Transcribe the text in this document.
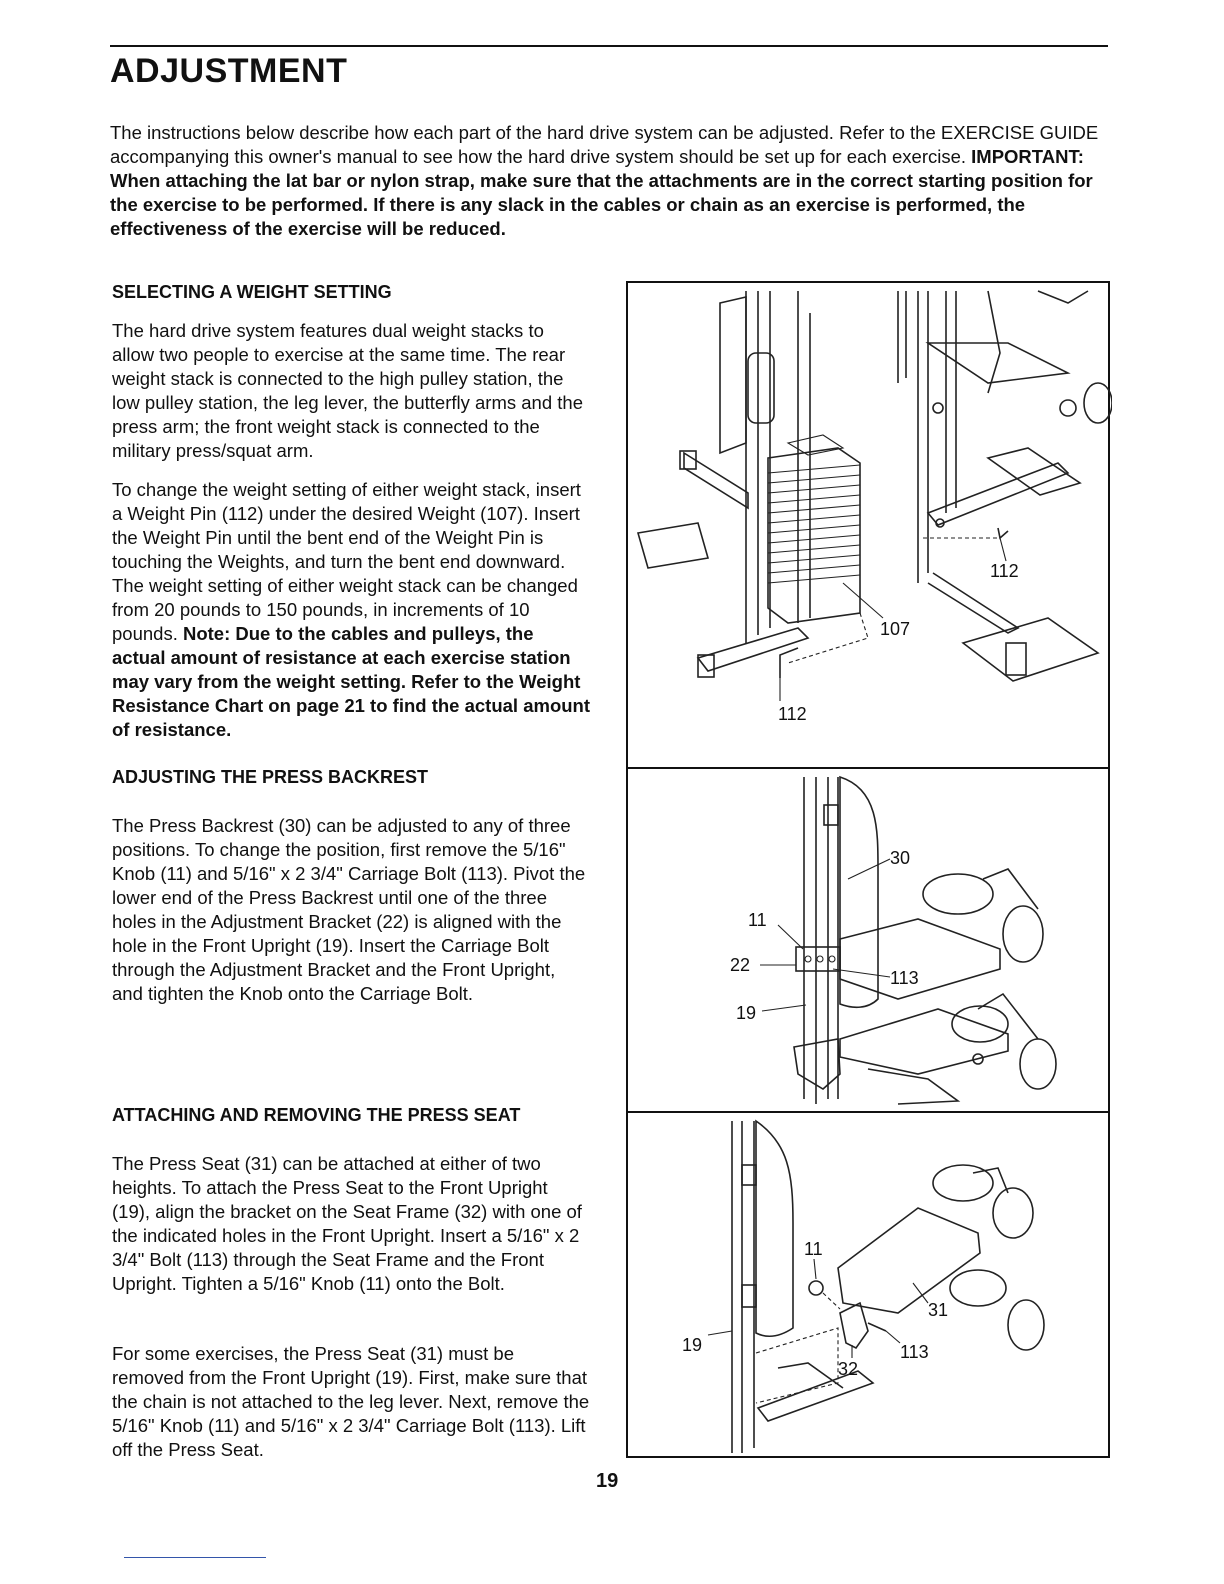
ADJUSTMENT

The instructions below describe how each part of the hard drive system can be adjusted. Refer to the EXERCISE GUIDE accompanying this owner's manual to see how the hard drive system should be set up for each exercise. IMPORTANT: When attaching the lat bar or nylon strap, make sure that the attachments are in the correct starting position for the exercise to be performed. If there is any slack in the cables or chain as an exercise is performed, the effectiveness of the exercise will be reduced.

SELECTING A WEIGHT SETTING

The hard drive system features dual weight stacks to allow two people to exercise at the same time. The rear weight stack is connected to the high pulley station, the low pulley station, the leg lever, the butterfly arms and the press arm; the front weight stack is connected to the military press/squat arm.

To change the weight setting of either weight stack, insert a Weight Pin (112) under the desired Weight (107). Insert the Weight Pin until the bent end of the Weight Pin is touching the Weights, and turn the bent end downward. The weight setting of either weight stack can be changed from 20 pounds to 150 pounds, in increments of 10 pounds. Note: Due to the cables and pulleys, the actual amount of resistance at each exercise station may vary from the weight setting. Refer to the Weight Resistance Chart on page 21 to find the actual amount of resistance.

ADJUSTING THE PRESS BACKREST

The Press Backrest (30) can be adjusted to any of three positions. To change the position, first remove the 5/16" Knob (11) and 5/16" x 2 3/4" Carriage Bolt (113). Pivot the lower end of the Press Backrest until one of the three holes in the Adjustment Bracket (22) is aligned with the hole in the Front Upright (19). Insert the Carriage Bolt through the Adjustment Bracket and the Front Upright, and tighten the Knob onto the Carriage Bolt.

ATTACHING AND REMOVING THE PRESS SEAT

The Press Seat (31) can be attached at either of two heights. To attach the Press Seat to the Front Upright (19), align the bracket on the Seat Frame (32) with one of the indicated holes in the Front Upright. Insert a 5/16" x 2 3/4" Bolt (113) through the Seat Frame and the Front Upright. Tighten a 5/16" Knob (11) onto the Bolt.

For some exercises, the Press Seat (31) must be removed from the Front Upright (19). First, make sure that the chain is not attached to the leg lever. Next, remove the 5/16" Knob (11) and 5/16" x 2 3/4" Carriage Bolt (113). Lift off the Press Seat.

112
107
112
30
11
22
113
19
11
31
19	113
32
19
